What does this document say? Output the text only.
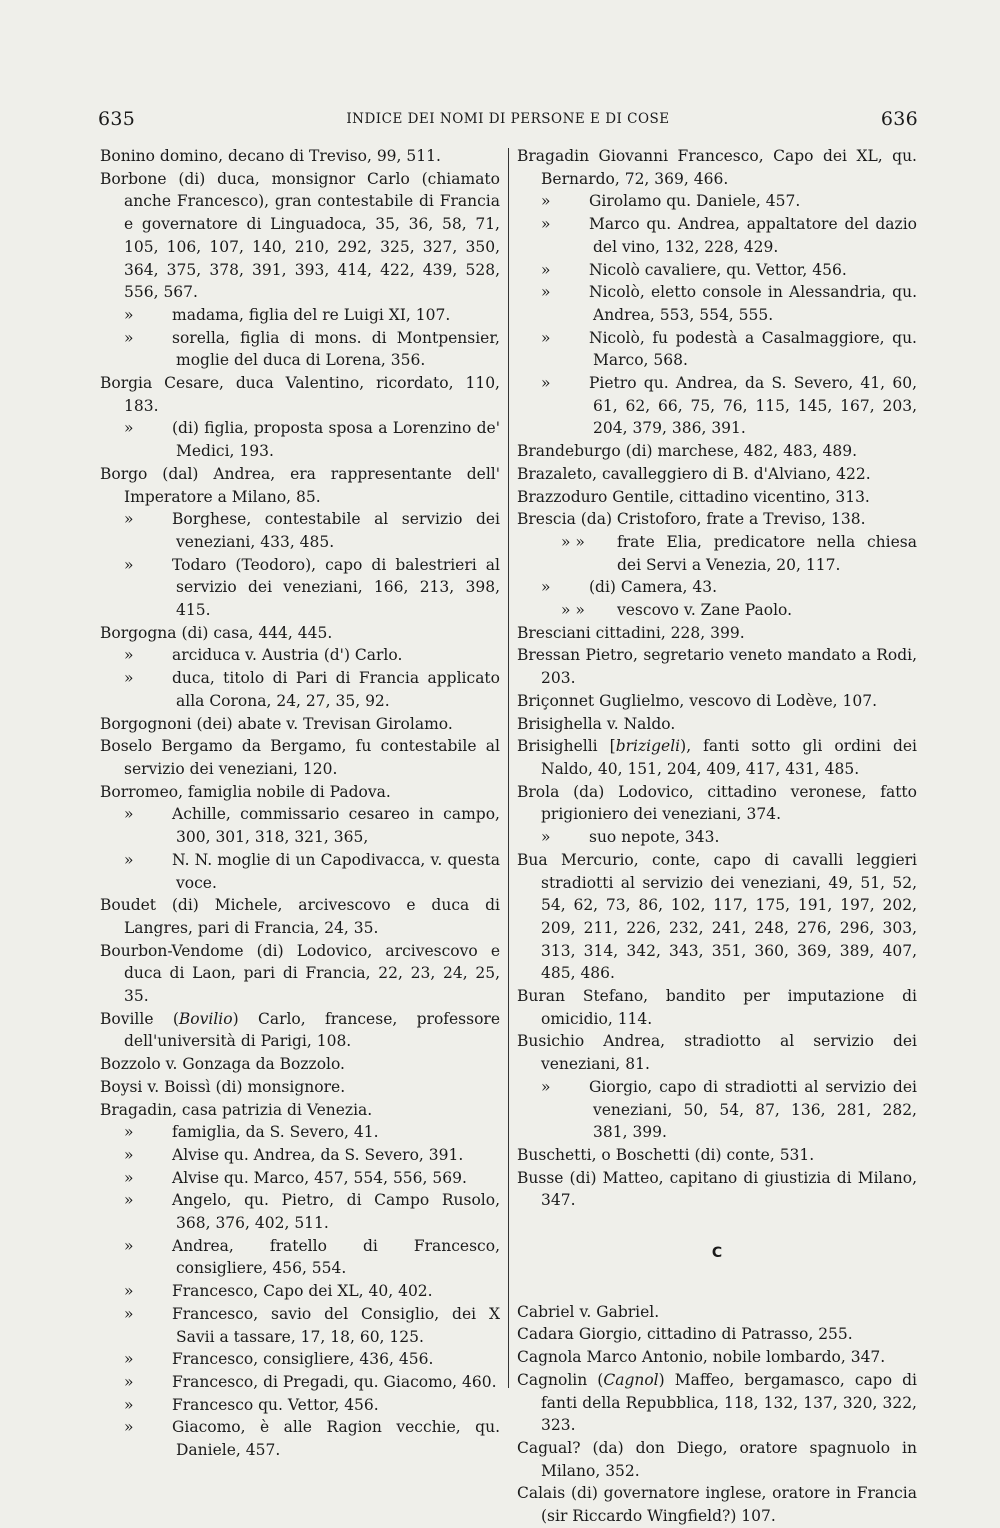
635	INDICE DEI NOMI DI PERSONE E DI COSE	636
Bonino domino, decano di Treviso, 99, 511.
Borbone (di) duca, monsignor Carlo (chiamato anche Francesco), gran contestabile di Francia e governatore di Linguadoca, 35, 36, 58, 71, 105, 106, 107, 140, 210, 292, 325, 327, 350, 364, 375, 378, 391, 393, 414, 422, 439, 528, 556, 567.
» madama, figlia del re Luigi XI, 107.
» sorella, figlia di mons. di Montpensier, moglie del duca di Lorena, 356.
Borgia Cesare, duca Valentino, ricordato, 110, 183.
» (di) figlia, proposta sposa a Lorenzino de' Medici, 193.
Borgo (dal) Andrea, era rappresentante dell' Imperatore a Milano, 85.
» Borghese, contestabile al servizio dei veneziani, 433, 485.
» Todaro (Teodoro), capo di balestrieri al servizio dei veneziani, 166, 213, 398, 415.
Borgogna (di) casa, 444, 445.
» arciduca v. Austria (d') Carlo.
» duca, titolo di Pari di Francia applicato alla Corona, 24, 27, 35, 92.
Borgognoni (dei) abate v. Trevisan Girolamo.
Boselo Bergamo da Bergamo, fu contestabile al servizio dei veneziani, 120.
Borromeo, famiglia nobile di Padova.
» Achille, commissario cesareo in campo, 300, 301, 318, 321, 365,
» N. N. moglie di un Capodivacca, v. questa voce.
Boudet (di) Michele, arcivescovo e duca di Langres, pari di Francia, 24, 35.
Bourbon-Vendome (di) Lodovico, arcivescovo e duca di Laon, pari di Francia, 22, 23, 24, 25, 35.
Boville (Bovilio) Carlo, francese, professore dell'università di Parigi, 108.
Bozzolo v. Gonzaga da Bozzolo.
Boysi v. Boissì (di) monsignore.
Bragadin, casa patrizia di Venezia.
» famiglia, da S. Severo, 41.
» Alvise qu. Andrea, da S. Severo, 391.
» Alvise qu. Marco, 457, 554, 556, 569.
» Angelo, qu. Pietro, di Campo Rusolo, 368, 376, 402, 511.
» Andrea, fratello di Francesco, consigliere, 456, 554.
» Francesco, Capo dei XL, 40, 402.
» Francesco, savio del Consiglio, dei X Savii a tassare, 17, 18, 60, 125.
» Francesco, consigliere, 436, 456.
» Francesco, di Pregadi, qu. Giacomo, 460.
» Francesco qu. Vettor, 456.
» Giacomo, è alle Ragion vecchie, qu. Daniele, 457.
Bragadin Giovanni Francesco, Capo dei XL, qu. Bernardo, 72, 369, 466.
» Girolamo qu. Daniele, 457.
» Marco qu. Andrea, appaltatore del dazio del vino, 132, 228, 429.
» Nicolò cavaliere, qu. Vettor, 456.
» Nicolò, eletto console in Alessandria, qu. Andrea, 553, 554, 555.
» Nicolò, fu podestà a Casalmaggiore, qu. Marco, 568.
» Pietro qu. Andrea, da S. Severo, 41, 60, 61, 62, 66, 75, 76, 115, 145, 167, 203, 204, 379, 386, 391.
Brandeburgo (di) marchese, 482, 483, 489.
Brazaleto, cavalleggiero di B. d'Alviano, 422.
Brazzoduro Gentile, cittadino vicentino, 313.
Brescia (da) Cristoforo, frate a Treviso, 138.
» » frate Elia, predicatore nella chiesa dei Servi a Venezia, 20, 117.
» (di) Camera, 43.
» » vescovo v. Zane Paolo.
Bresciani cittadini, 228, 399.
Bressan Pietro, segretario veneto mandato a Rodi, 203.
Briçonnet Guglielmo, vescovo di Lodève, 107.
Brisighella v. Naldo.
Brisighelli [brizigeli), fanti sotto gli ordini dei Naldo, 40, 151, 204, 409, 417, 431, 485.
Brola (da) Lodovico, cittadino veronese, fatto prigioniero dei veneziani, 374.
» suo nepote, 343.
Bua Mercurio, conte, capo di cavalli leggieri stradiotti al servizio dei veneziani, 49, 51, 52, 54, 62, 73, 86, 102, 117, 175, 191, 197, 202, 209, 211, 226, 232, 241, 248, 276, 296, 303, 313, 314, 342, 343, 351, 360, 369, 389, 407, 485, 486.
Buran Stefano, bandito per imputazione di omicidio, 114.
Busichio Andrea, stradiotto al servizio dei veneziani, 81.
» Giorgio, capo di stradiotti al servizio dei veneziani, 50, 54, 87, 136, 281, 282, 381, 399.
Buschetti, o Boschetti (di) conte, 531.
Busse (di) Matteo, capitano di giustizia di Milano, 347.
C
Cabriel v. Gabriel.
Cadara Giorgio, cittadino di Patrasso, 255.
Cagnola Marco Antonio, nobile lombardo, 347.
Cagnolin (Cagnol) Maffeo, bergamasco, capo di fanti della Repubblica, 118, 132, 137, 320, 322, 323.
Cagual? (da) don Diego, oratore spagnuolo in Milano, 352.
Calais (di) governatore inglese, oratore in Francia (sir Riccardo Wingfield?) 107.
